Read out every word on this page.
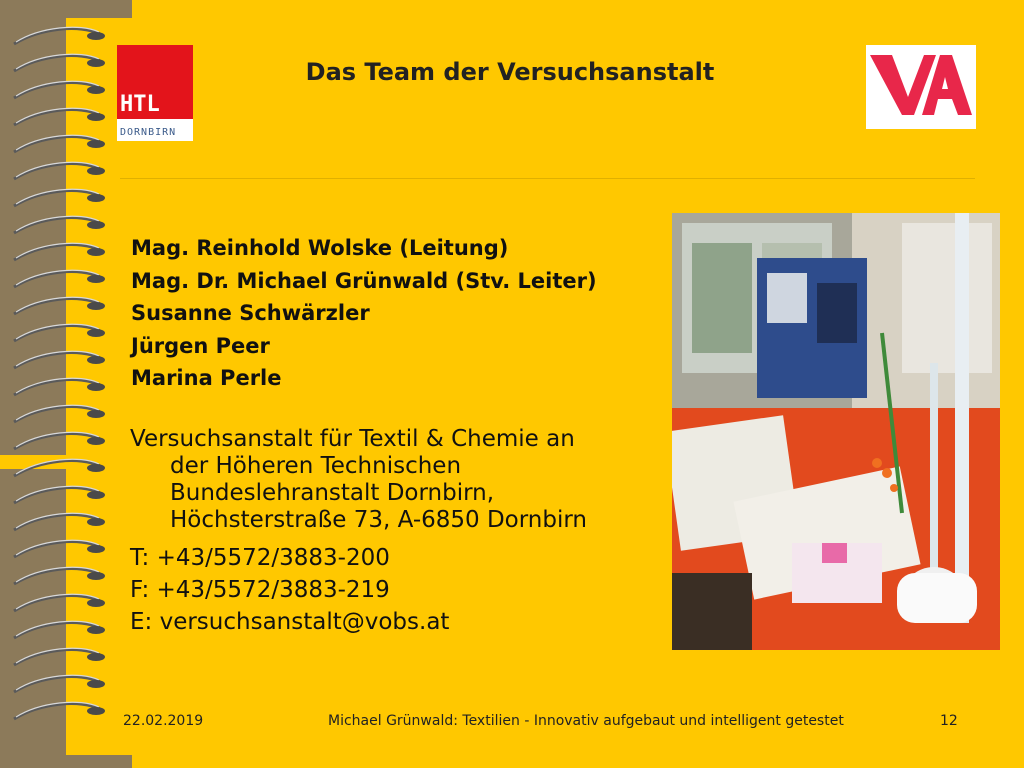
HTL
DORNBIRN
Das Team der Versuchsanstalt
Mag. Reinhold Wolske (Leitung)
Mag. Dr. Michael Grünwald (Stv. Leiter)
Susanne Schwärzler
Jürgen Peer
Marina Perle
Versuchsanstalt für Textil & Chemie an
der Höheren Technischen
Bundeslehranstalt Dornbirn,
Höchsterstraße 73, A-6850 Dornbirn
T: +43/5572/3883-200
F: +43/5572/3883-219
E: versuchsanstalt@vobs.at
22.02.2019	Michael Grünwald: Textilien - Innovativ aufgebaut und intelligent getestet	12
